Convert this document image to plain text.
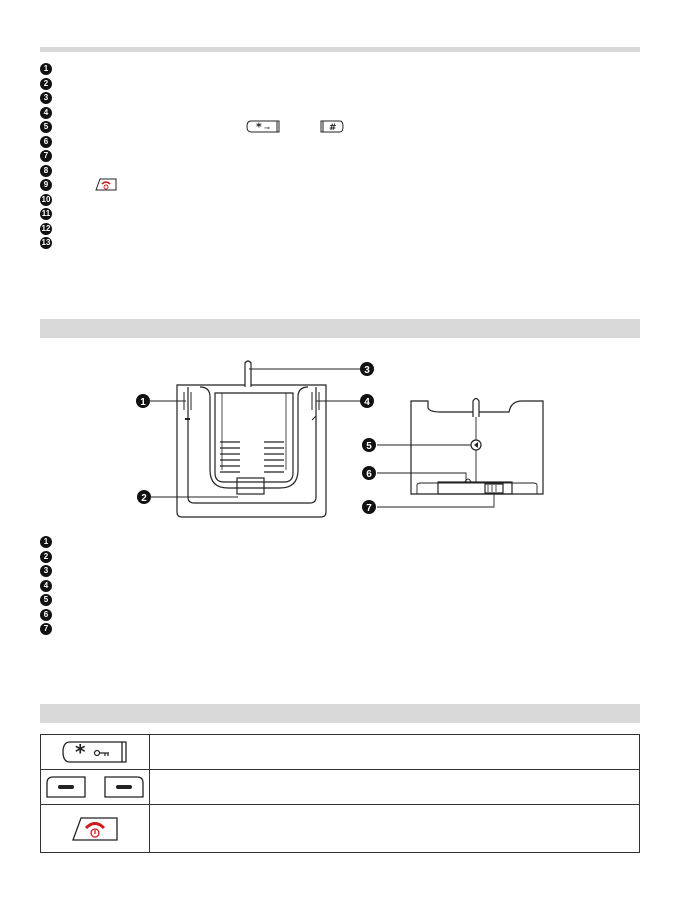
1
2
3
4
5	* ⊸	#
6
7
8
9
10
11
12
13
1
2
3
4
5
6
7
1
2
3
4
5
6
7
*	
